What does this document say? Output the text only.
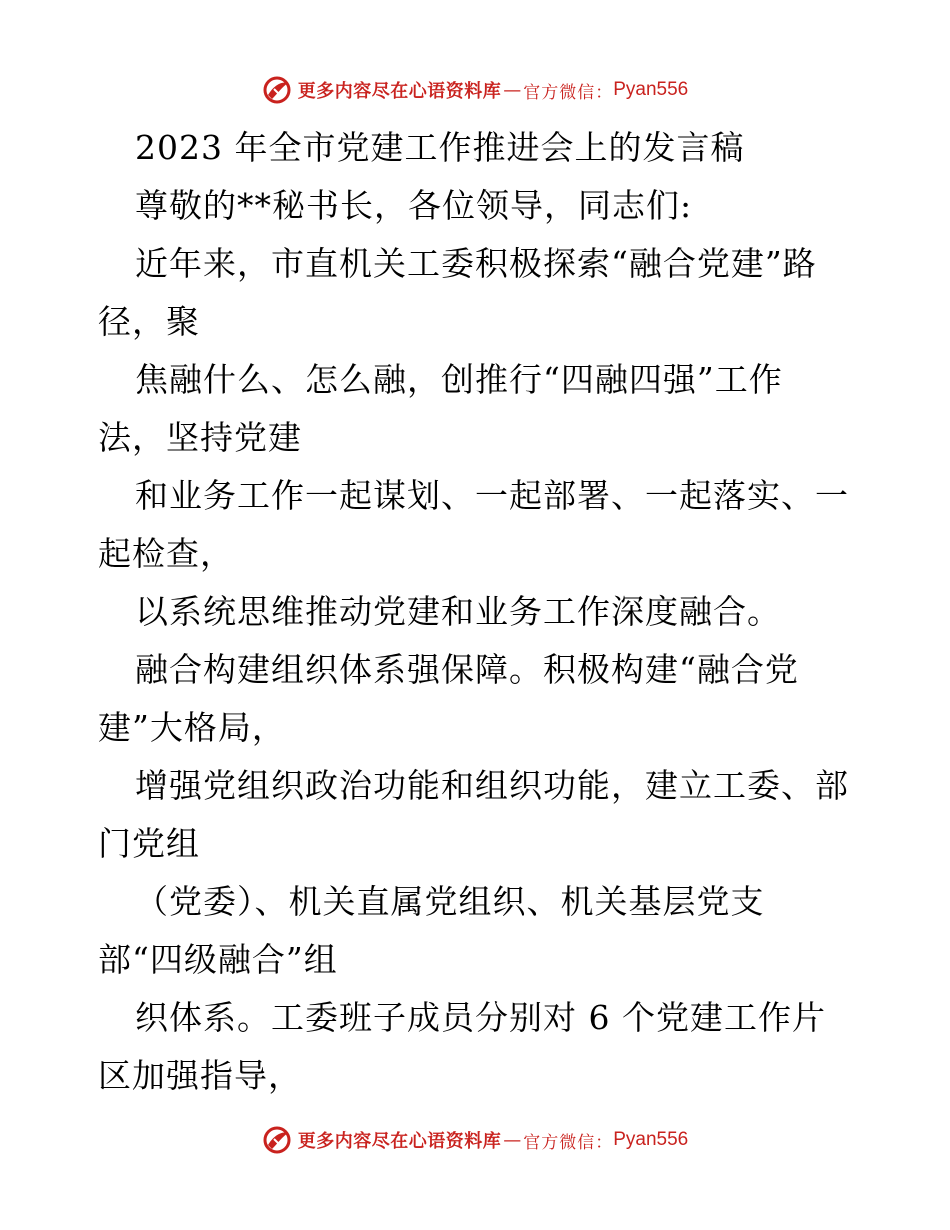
更多内容尽在心语资料库 — 官方微信： Pyan556
2023 年全市党建工作推进会上的发言稿
尊敬的**秘书长，各位领导，同志们:
近年来，市直机关工委积极探索“融合党建”路
径，聚
焦融什么、怎么融，创推行“四融四强”工作
法，坚持党建
和业务工作一起谋划、一起部署、一起落实、一
起检查，
以系统思维推动党建和业务工作深度融合。
融合构建组织体系强保障。积极构建“融合党
建”大格局，
增强党组织政治功能和组织功能，建立工委、部
门党组
（党委）、机关直属党组织、机关基层党支
部“四级融合”组
织体系。工委班子成员分别对 6 个党建工作片
区加强指导，
更多内容尽在心语资料库 — 官方微信： Pyan556
